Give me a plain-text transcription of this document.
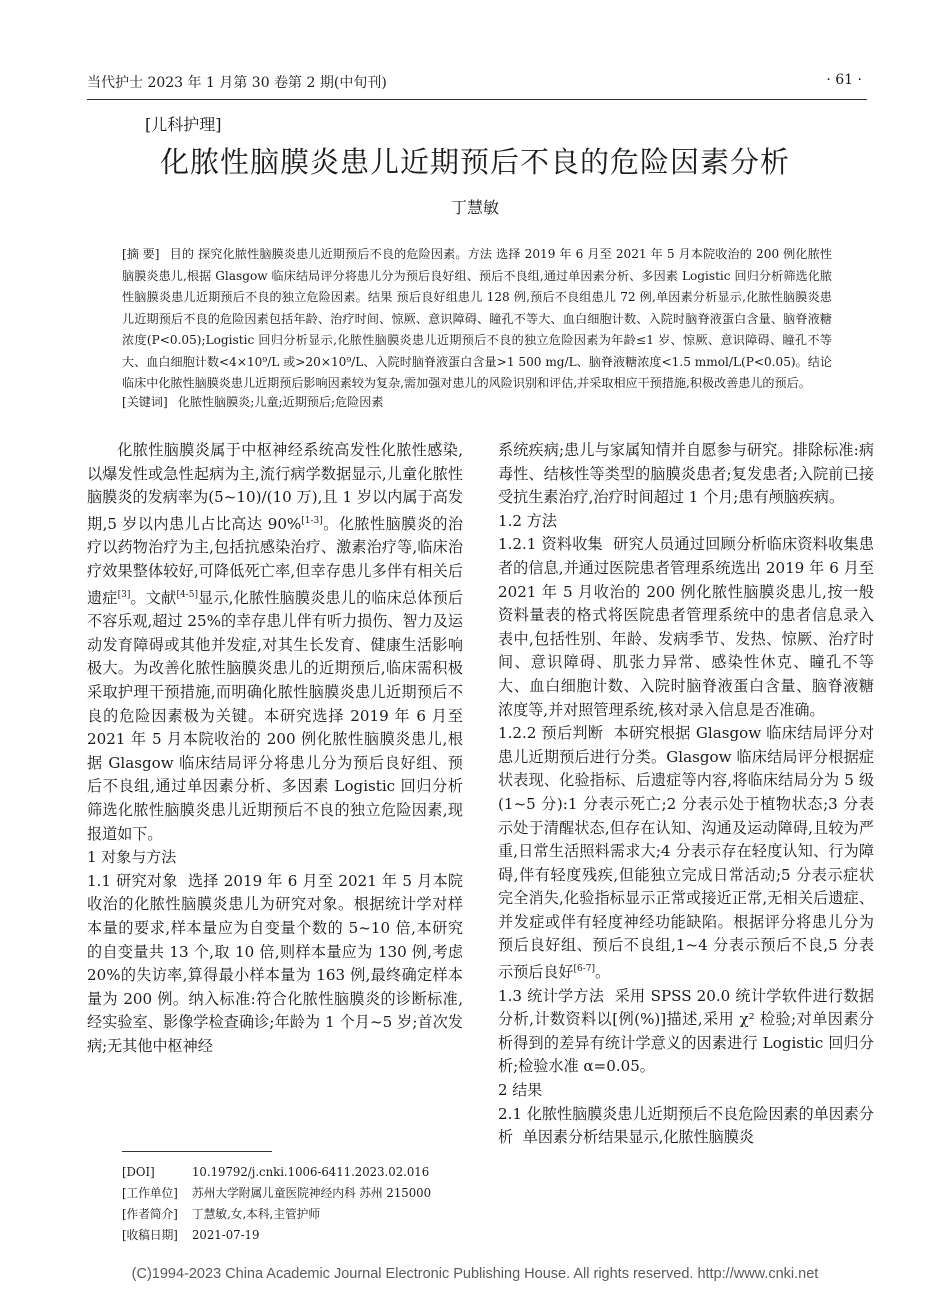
当代护士 2023 年 1 月第 30 卷第 2 期(中旬刊)	· 61 ·
[儿科护理]
化脓性脑膜炎患儿近期预后不良的危险因素分析
丁慧敏
[摘 要] 目的 探究化脓性脑膜炎患儿近期预后不良的危险因素。方法 选择 2019 年 6 月至 2021 年 5 月本院收治的 200 例化脓性脑膜炎患儿,根据 Glasgow 临床结局评分将患儿分为预后良好组、预后不良组,通过单因素分析、多因素 Logistic 回归分析筛选化脓性脑膜炎患儿近期预后不良的独立危险因素。结果 预后良好组患儿 128 例,预后不良组患儿 72 例,单因素分析显示,化脓性脑膜炎患儿近期预后不良的危险因素包括年龄、治疗时间、惊厥、意识障碍、瞳孔不等大、血白细胞计数、入院时脑脊液蛋白含量、脑脊液糖浓度(P<0.05);Logistic 回归分析显示,化脓性脑膜炎患儿近期预后不良的独立危险因素为年龄≤1 岁、惊厥、意识障碍、瞳孔不等大、血白细胞计数<4×10⁹/L 或>20×10⁹/L、入院时脑脊液蛋白含量>1 500 mg/L、脑脊液糖浓度<1.5 mmol/L(P<0.05)。结论 临床中化脓性脑膜炎患儿近期预后影响因素较为复杂,需加强对患儿的风险识别和评估,并采取相应干预措施,积极改善患儿的预后。
[关键词] 化脓性脑膜炎;儿童;近期预后;危险因素

化脓性脑膜炎属于中枢神经系统高发性化脓性感染,以爆发性或急性起病为主,流行病学数据显示,儿童化脓性脑膜炎的发病率为(5~10)/(10 万),且 1 岁以内属于高发期,5 岁以内患儿占比高达 90%[1-3]。化脓性脑膜炎的治疗以药物治疗为主,包括抗感染治疗、激素治疗等,临床治疗效果整体较好,可降低死亡率,但幸存患儿多伴有相关后遗症[3]。文献[4-5]显示,化脓性脑膜炎患儿的临床总体预后不容乐观,超过 25%的幸存患儿伴有听力损伤、智力及运动发育障碍或其他并发症,对其生长发育、健康生活影响极大。为改善化脓性脑膜炎患儿的近期预后,临床需积极采取护理干预措施,而明确化脓性脑膜炎患儿近期预后不良的危险因素极为关键。本研究选择 2019 年 6 月至 2021 年 5 月本院收治的 200 例化脓性脑膜炎患儿,根据 Glasgow 临床结局评分将患儿分为预后良好组、预后不良组,通过单因素分析、多因素 Logistic 回归分析筛选化脓性脑膜炎患儿近期预后不良的独立危险因素,现报道如下。

1 对象与方法

1.1 研究对象 选择 2019 年 6 月至 2021 年 5 月本院收治的化脓性脑膜炎患儿为研究对象。根据统计学对样本量的要求,样本量应为自变量个数的 5~10 倍,本研究的自变量共 13 个,取 10 倍,则样本量应为 130 例,考虑 20%的失访率,算得最小样本量为 163 例,最终确定样本量为 200 例。纳入标准:符合化脓性脑膜炎的诊断标准,经实验室、影像学检查确诊;年龄为 1 个月~5 岁;首次发病;无其他中枢神经

系统疾病;患儿与家属知情并自愿参与研究。排除标准:病毒性、结核性等类型的脑膜炎患者;复发患者;入院前已接受抗生素治疗,治疗时间超过 1 个月;患有颅脑疾病。

1.2 方法

1.2.1 资料收集 研究人员通过回顾分析临床资料收集患者的信息,并通过医院患者管理系统选出 2019 年 6 月至 2021 年 5 月收治的 200 例化脓性脑膜炎患儿,按一般资料量表的格式将医院患者管理系统中的患者信息录入表中,包括性别、年龄、发病季节、发热、惊厥、治疗时间、意识障碍、肌张力异常、感染性休克、瞳孔不等大、血白细胞计数、入院时脑脊液蛋白含量、脑脊液糖浓度等,并对照管理系统,核对录入信息是否准确。

1.2.2 预后判断 本研究根据 Glasgow 临床结局评分对患儿近期预后进行分类。Glasgow 临床结局评分根据症状表现、化验指标、后遗症等内容,将临床结局分为 5 级(1~5 分):1 分表示死亡;2 分表示处于植物状态;3 分表示处于清醒状态,但存在认知、沟通及运动障碍,且较为严重,日常生活照料需求大;4 分表示存在轻度认知、行为障碍,伴有轻度残疾,但能独立完成日常活动;5 分表示症状完全消失,化验指标显示正常或接近正常,无相关后遗症、并发症或伴有轻度神经功能缺陷。根据评分将患儿分为预后良好组、预后不良组,1~4 分表示预后不良,5 分表示预后良好[6-7]。

1.3 统计学方法 采用 SPSS 20.0 统计学软件进行数据分析,计数资料以[例(%)]描述,采用 χ² 检验;对单因素分析得到的差异有统计学意义的因素进行 Logistic 回归分析;检验水准 α=0.05。

2 结果

2.1 化脓性脑膜炎患儿近期预后不良危险因素的单因素分析 单因素分析结果显示,化脓性脑膜炎

[DOI]	10.19792/j.cnki.1006-6411.2023.02.016
[工作单位] 苏州大学附属儿童医院神经内科 苏州 215000
[作者简介] 丁慧敏,女,本科,主管护师
[收稿日期] 2021-07-19
(C)1994-2023 China Academic Journal Electronic Publishing House. All rights reserved. http://www.cnki.net
